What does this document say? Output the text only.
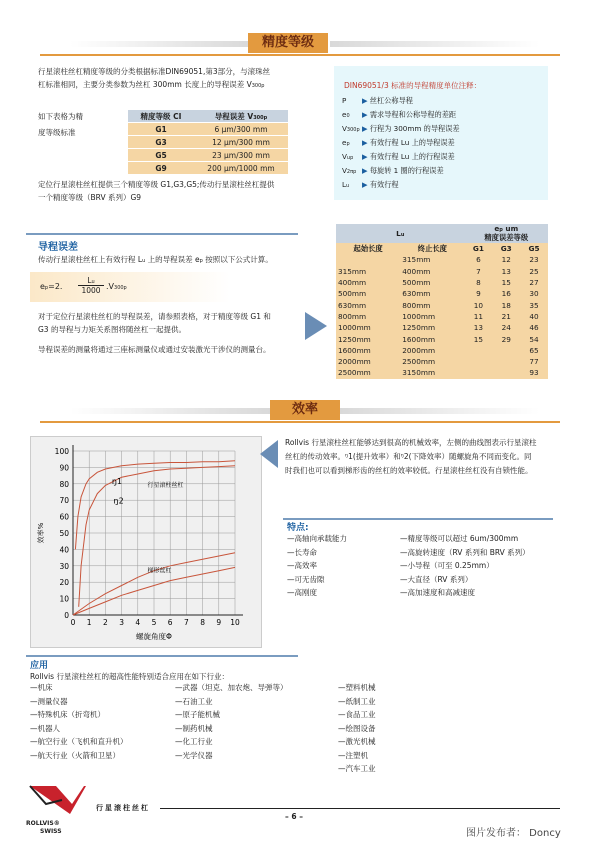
精度等级
行星滚柱丝杠精度等级的分类根据标准DIN69051,第3部分，与滚珠丝
杠标准相同，主要分类参数为丝杠 300mm 长度上的导程误差 V300p
如下表格为精
度等级标准
精度等级 CI	导程误差 V300p
G1	6 µm/300 mm
G3	12 µm/300 mm
G5	23 µm/300 mm
G9	200 µm/1000 mm
定位行星滚柱丝杠提供三个精度等级 G1,G3,G5;传动行星滚柱丝杠提供
一个精度等级（BRV 系列）G9
DIN69051/3 标准的导程精度单位注释：
P ▶ 丝杠公称导程
e0 ▶ 需求导程和公称导程的差距
V300p ▶ 行程为 300mm 的导程误差
ep ▶ 有效行程 Lu 上的导程误差
Vup ▶ 有效行程 Lu 上的行程误差
V2πp ▶ 每旋转 1 圈的行程误差
Lu ▶ 有效行程
导程误差
传动行星滚柱丝杠上有效行程 Lu 上的导程误差 ep 按照以下公式计算。
ep=2.
Lu
1000 .V300p
对于定位行星滚柱丝杠的导程误差，请参照表格，对于精度等级 G1 和
G3 的导程与力矩关系图将随丝杠一起提供。
导程误差的测量将通过三座标测量仪或通过安装激光干涉仪的测量台。
Lu		ep um
精度误差等级		

起始长度	终止长度	G1	G3	G5
	315mm	6	12	23
315mm	400mm	7	13	25
400mm	500mm	8	15	27
500mm	630mm	9	16	30
630mm	800mm	10	18	35
800mm	1000mm	11	21	40
1000mm	1250mm	13	24	46
1250mm	1600mm	15	29	54
1600mm	2000mm			65
2000mm	2500mm			77
2500mm	3150mm			93
效率
0 1 2 3 4 5 6 7 8 9 10
0
10
20
30
40
50
60
70
80
90
100
螺旋角度Φ
效率%
ŋ1
ŋ2
行星滚柱丝杠
梯形丝杠
Rollvis 行星滚柱丝杠能够达到很高的机械效率，左侧的曲线图表示行星滚柱
丝杠的传动效率。ᵑ1(提升效率）和ᵑ2(下降效率）随螺旋角不同而变化。同
时我们也可以看到梯形齿的丝杠的效率较低。行星滚柱丝杠没有自锁性能。
特点:
—高轴向承载能力
—长寿命
—高效率
—可无齿隙
—高刚度
—精度等级可以超过 6um/300mm
—高旋转速度（RV 系列和 BRV 系列）
—小导程（可至 0.25mm）
—大直径（RV 系列）
—高加速度和高减速度
应用
Rollvis 行星滚柱丝杠的超高性能特别适合应用在如下行业：
—机床
—测量仪器
—特殊机床（折弯机）
—机器人
—航空行业（飞机和直升机）
—航天行业（火箭和卫星）
—武器（坦克、加农炮、导弹等）
—石油工业
—原子能机械
—制药机械
—化工行业
—光学仪器
—塑料机械
—纸制工业
—食品工业
—绘图设备
—激光机械
—注塑机
—汽车工业
ROLLVIS®
SWISS
行星滚柱丝杠
– 6 –
图片发布者： Doncy
